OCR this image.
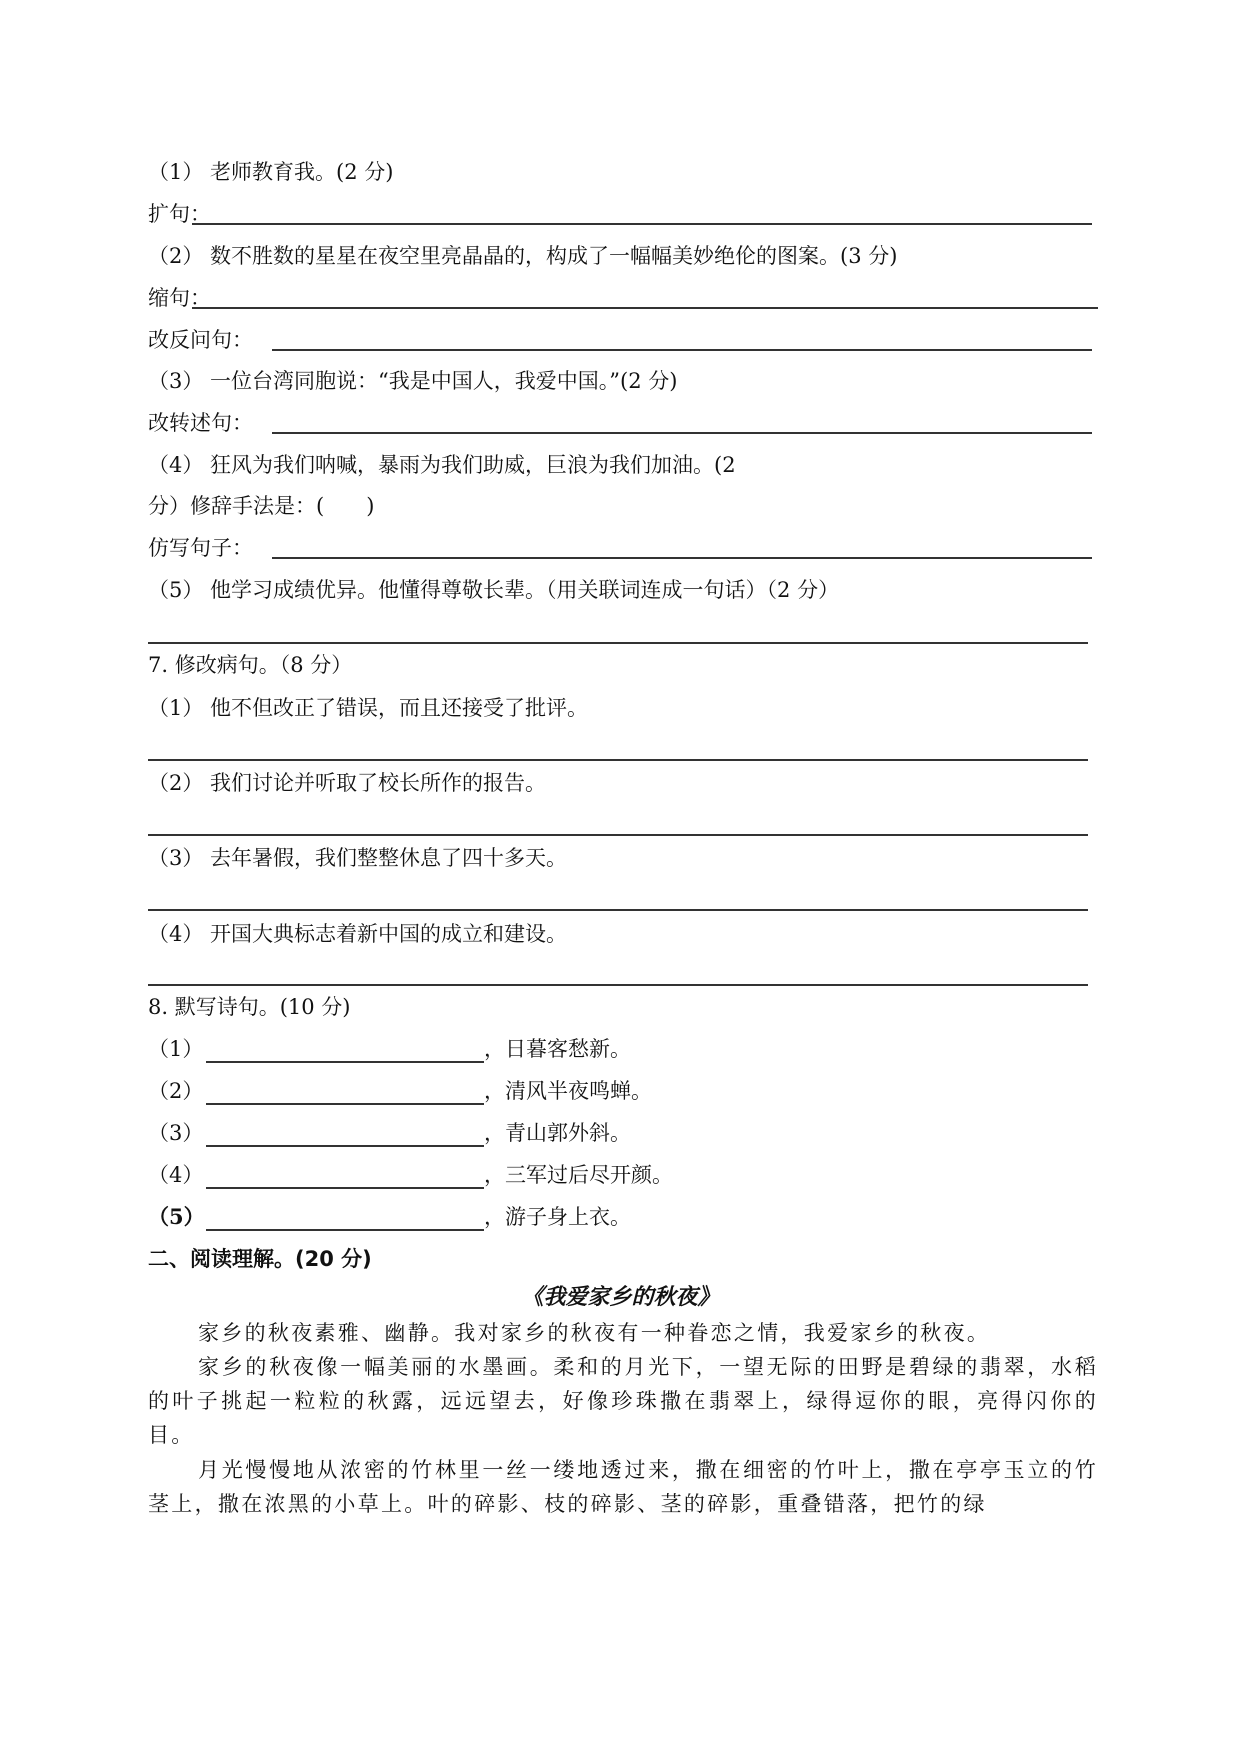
（1） 老师教育我。(2 分)
扩句：
（2） 数不胜数的星星在夜空里亮晶晶的，构成了一幅幅美妙绝伦的图案。(3 分)
缩句：
改反问句：
（3） 一位台湾同胞说：“我是中国人，我爱中国。”(2 分)
改转述句：
（4） 狂风为我们呐喊，暴雨为我们助威，巨浪为我们加油。(2
分）修辞手法是：(　　)
仿写句子：
（5） 他学习成绩优异。他懂得尊敬长辈。（用关联词连成一句话）（2 分）
7. 修改病句。（8 分）
（1） 他不但改正了错误，而且还接受了批评。
（2） 我们讨论并听取了校长所作的报告。
（3） 去年暑假，我们整整休息了四十多天。
（4） 开国大典标志着新中国的成立和建设。
8. 默写诗句。(10 分)
（1）	，日暮客愁新。
（2）	，清风半夜鸣蝉。
（3）	，青山郭外斜。
（4）	，三军过后尽开颜。
（5）	，游子身上衣。
二、阅读理解。(20 分)
《我爱家乡的秋夜》
家乡的秋夜素雅、幽静。我对家乡的秋夜有一种眷恋之情，我爱家乡的秋夜。
家乡的秋夜像一幅美丽的水墨画。柔和的月光下，一望无际的田野是碧绿的翡翠，水稻的叶子挑起一粒粒的秋露，远远望去，好像珍珠撒在翡翠上，绿得逗你的眼，亮得闪你的目。
月光慢慢地从浓密的竹林里一丝一缕地透过来，撒在细密的竹叶上，撒在亭亭玉立的竹茎上，撒在浓黑的小草上。叶的碎影、枝的碎影、茎的碎影，重叠错落，把竹的绿
